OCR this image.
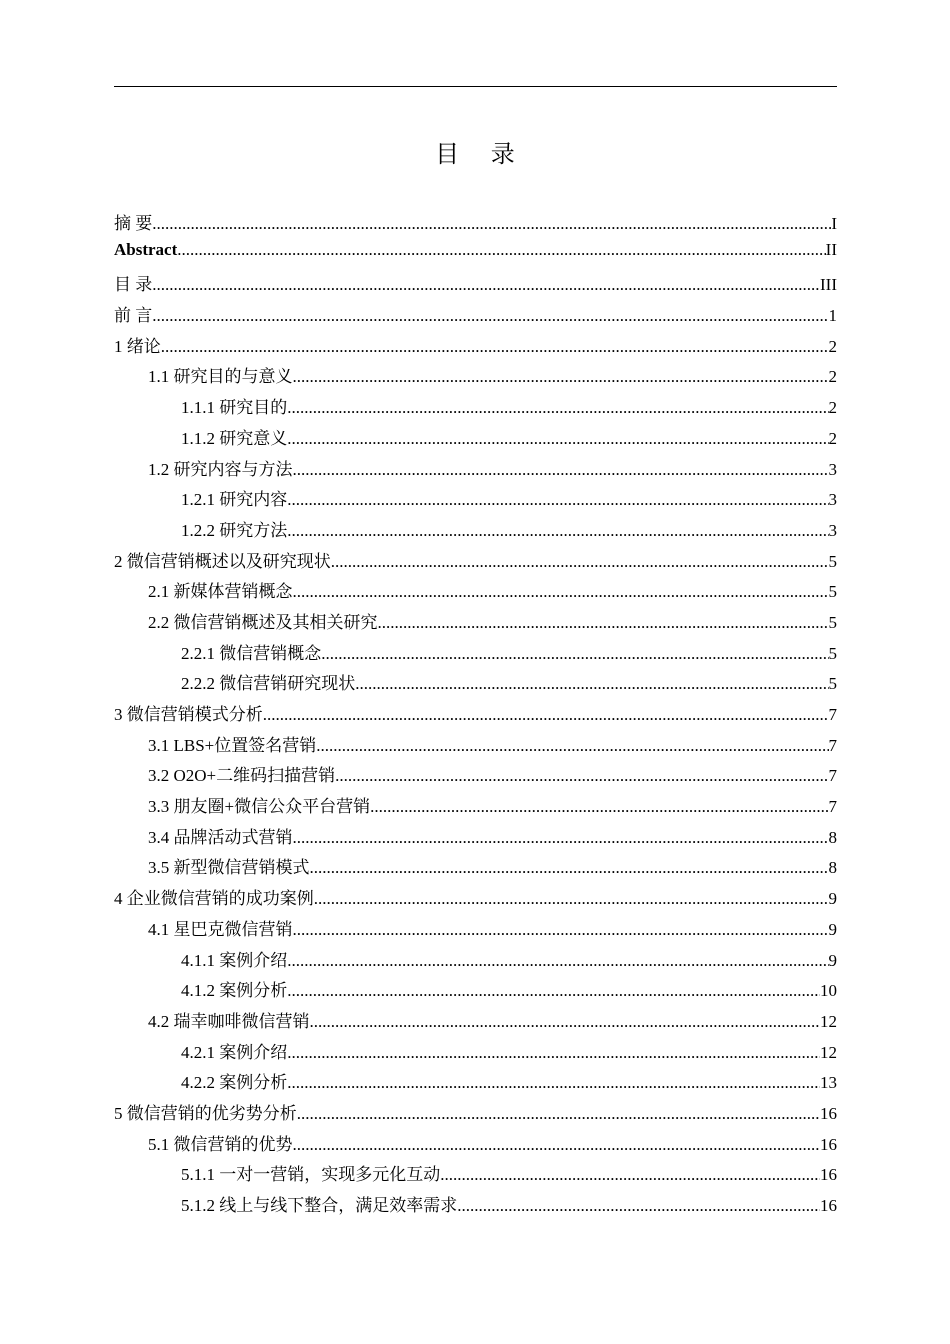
目 录
摘 要 .....	I
Abstract .....	II
目 录 .....	III
前 言 .....	1
1 绪论 .....	2
1.1 研究目的与意义 .....	2
1.1.1 研究目的 .....	2
1.1.2 研究意义 .....	2
1.2 研究内容与方法 .....	3
1.2.1 研究内容 .....	3
1.2.2 研究方法 .....	3
2 微信营销概述以及研究现状 .....	5
2.1 新媒体营销概念 .....	5
2.2 微信营销概述及其相关研究 .....	5
2.2.1 微信营销概念 .....	5
2.2.2 微信营销研究现状 .....	5
3 微信营销模式分析 .....	7
3.1 LBS+位置签名营销 .....	7
3.2 O2O+二维码扫描营销 .....	7
3.3 朋友圈+微信公众平台营销 .....	7
3.4 品牌活动式营销 .....	8
3.5 新型微信营销模式 .....	8
4 企业微信营销的成功案例 .....	9
4.1 星巴克微信营销 .....	9
4.1.1 案例介绍 .....	9
4.1.2 案例分析 .....	10
4.2 瑞幸咖啡微信营销 .....	12
4.2.1 案例介绍 .....	12
4.2.2 案例分析 .....	13
5 微信营销的优劣势分析 .....	16
5.1 微信营销的优势 .....	16
5.1.1 一对一营销，实现多元化互动 .....	16
5.1.2 线上与线下整合，满足效率需求 .....	16
